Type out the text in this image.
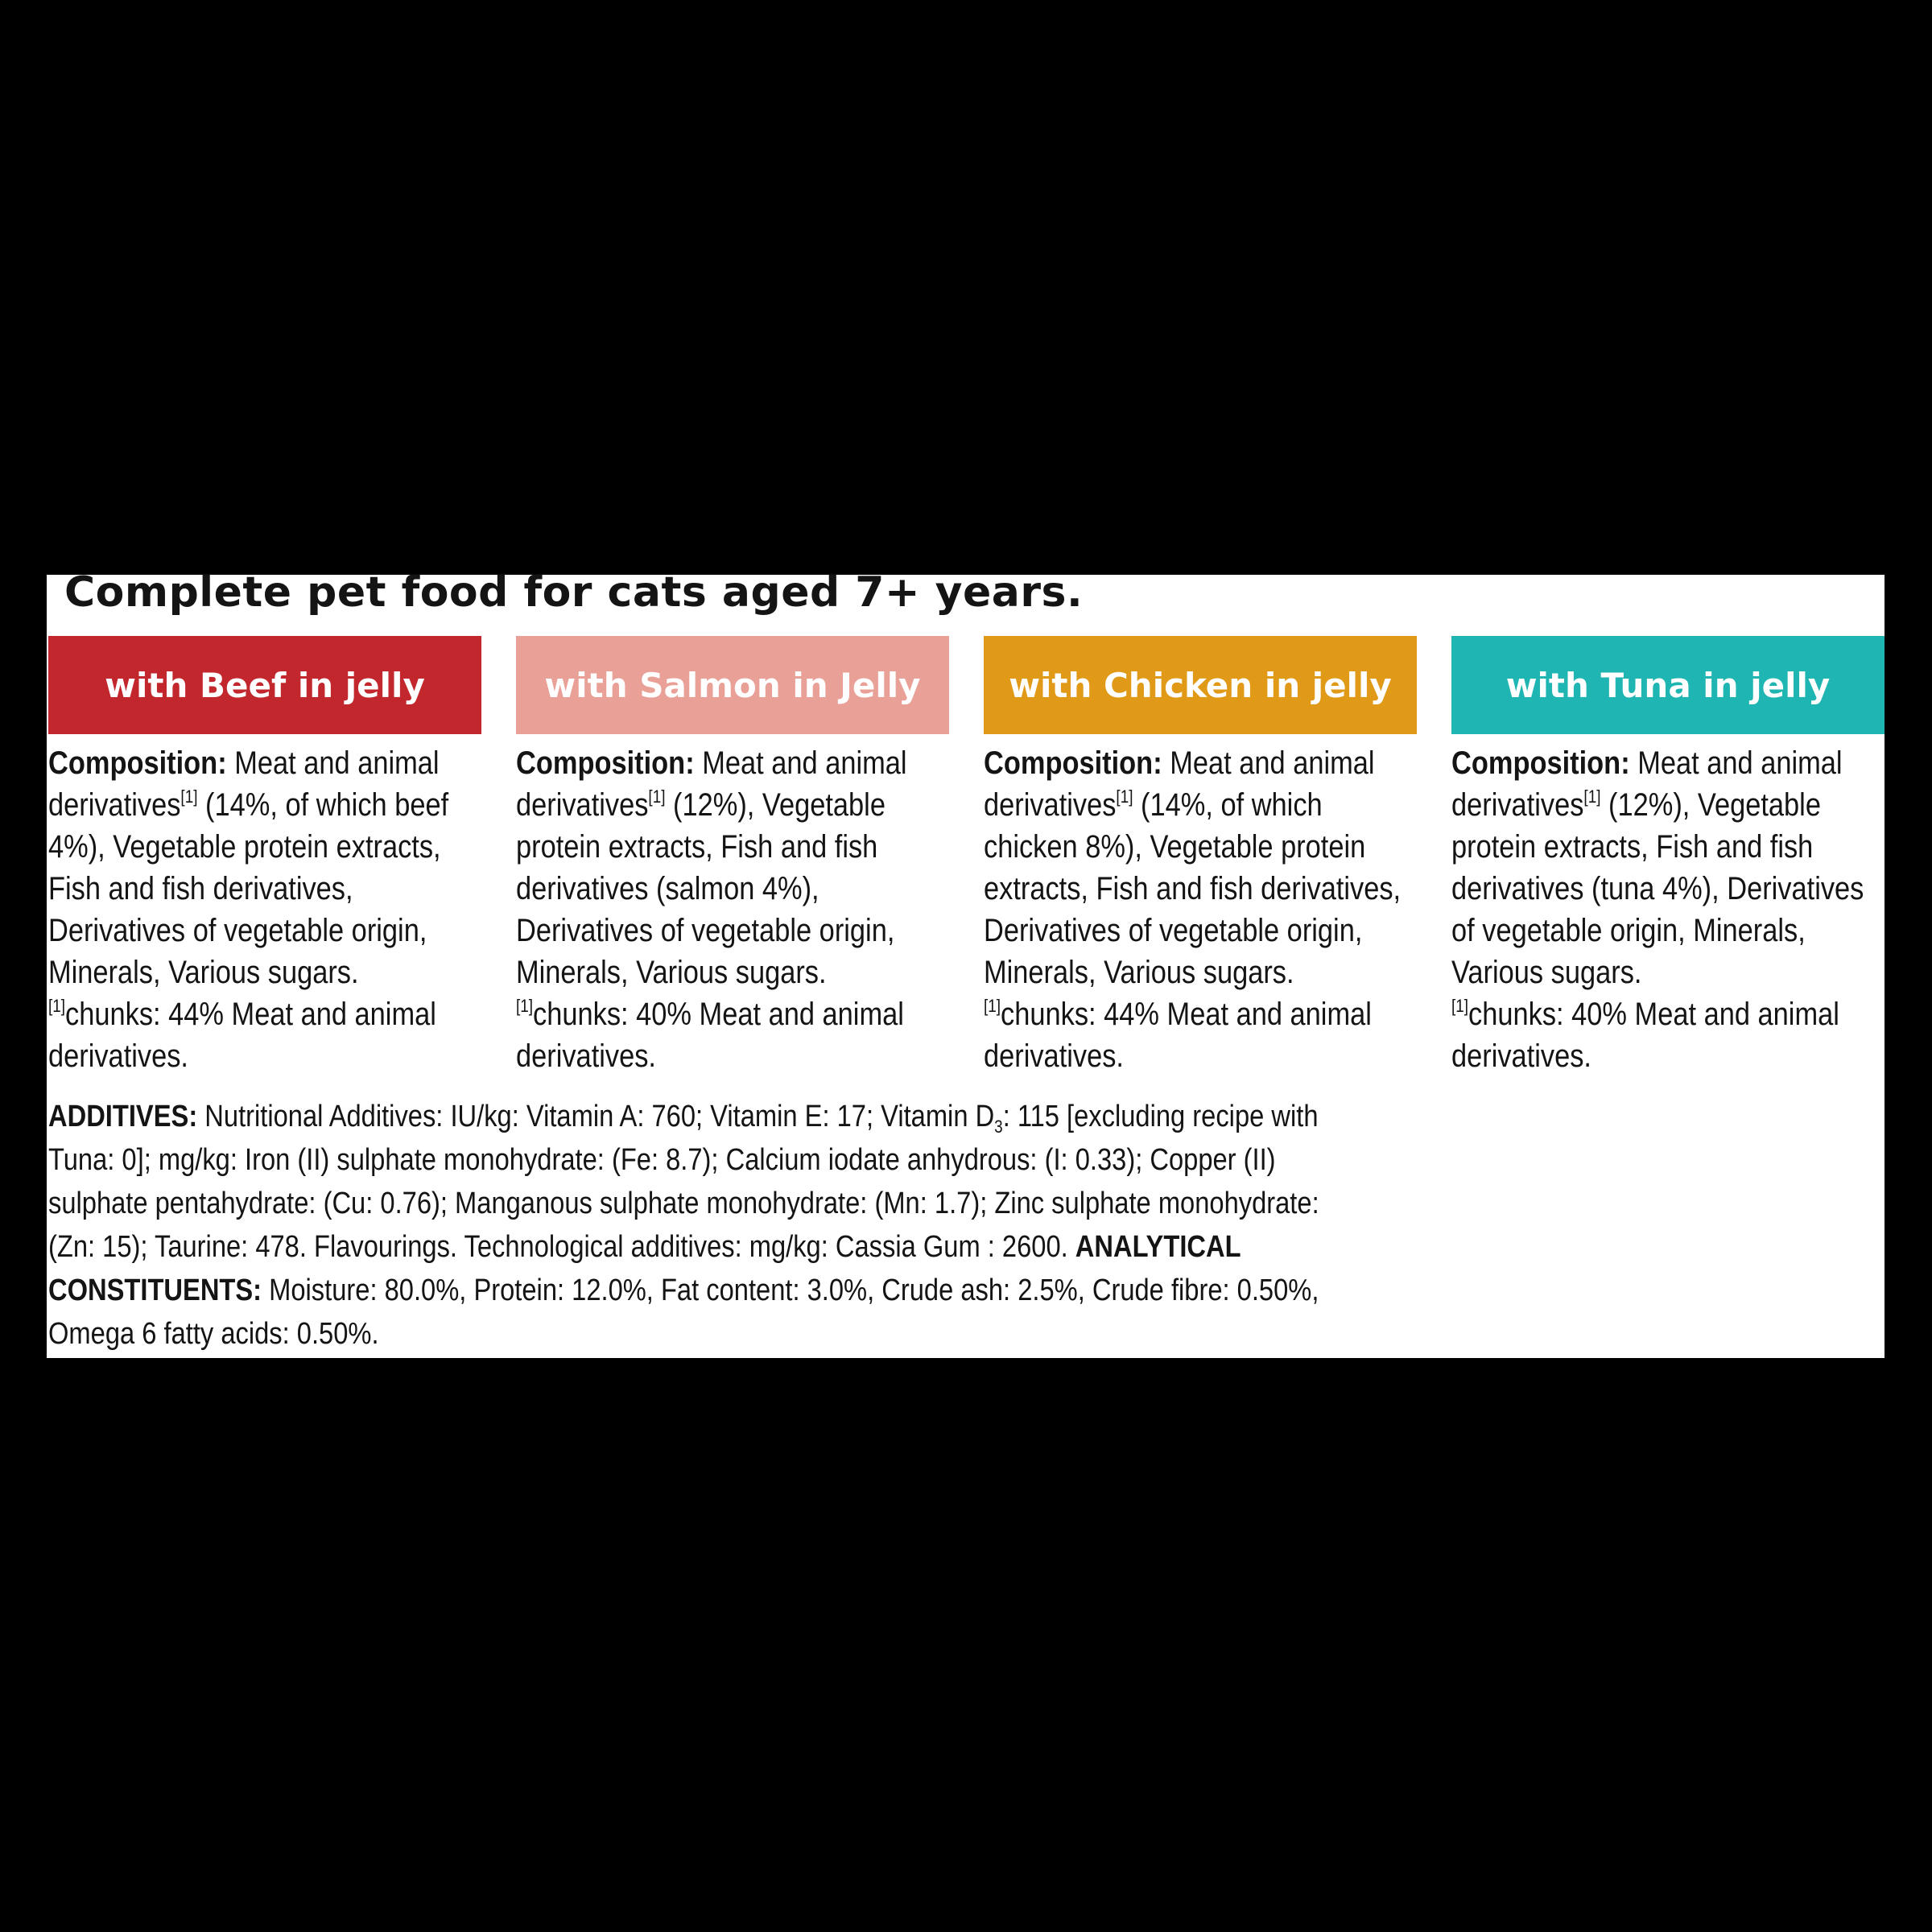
Complete pet food for cats aged 7+ years.
with Beef in jelly
Composition: Meat and animal derivatives[1] (14%, of which beef 4%), Vegetable protein extracts, Fish and fish derivatives, Derivatives of vegetable origin, Minerals, Various sugars.
[1]chunks: 44% Meat and animal derivatives.
with Salmon in Jelly
Composition: Meat and animal derivatives[1] (12%), Vegetable protein extracts, Fish and fish derivatives (salmon 4%), Derivatives of vegetable origin, Minerals, Various sugars.
[1]chunks: 40% Meat and animal derivatives.
with Chicken in jelly
Composition: Meat and animal derivatives[1] (14%, of which chicken 8%), Vegetable protein extracts, Fish and fish derivatives, Derivatives of vegetable origin, Minerals, Various sugars.
[1]chunks: 44% Meat and animal derivatives.
with Tuna in jelly
Composition: Meat and animal derivatives[1] (12%), Vegetable protein extracts, Fish and fish derivatives (tuna 4%), Derivatives of vegetable origin, Minerals, Various sugars.
[1]chunks: 40% Meat and animal derivatives.
ADDITIVES: Nutritional Additives: IU/kg: Vitamin A: 760; Vitamin E: 17; Vitamin $D_3$: 115 [excluding recipe with Tuna: 0]; mg/kg: Iron (II) sulphate monohydrate: (Fe: 8.7); Calcium iodate anhydrous: (I: 0.33); Copper (II) sulphate pentahydrate: (Cu: 0.76); Manganous sulphate monohydrate: (Mn: 1.7); Zinc sulphate monohydrate: (Zn: 15); Taurine: 478. Flavourings. Technological additives: mg/kg: Cassia Gum : 2600. ANALYTICAL CONSTITUENTS: Moisture: 80.0%, Protein: 12.0%, Fat content: 3.0%, Crude ash: 2.5%, Crude fibre: 0.50%, Omega 6 fatty acids: 0.50%.
